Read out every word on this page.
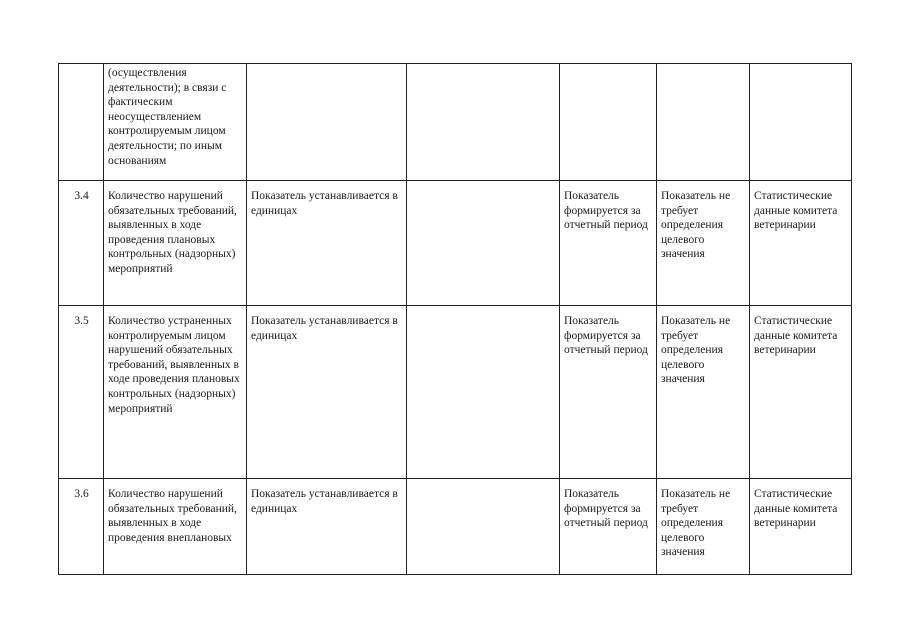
	(осуществления деятельности); в связи с фактическим неосуществлением контролируемым лицом деятельности; по иным основаниям					
3.4	Количество нарушений обязательных требований, выявленных в ходе проведения плановых контрольных (надзорных) мероприятий	Показатель устанавливается в единицах		Показатель формируется за отчетный период	Показатель не требует определения целевого значения	Статистические данные комитета ветеринарии
3.5	Количество устраненных контролируемым лицом нарушений обязательных требований, выявленных в ходе проведения плановых контрольных (надзорных) мероприятий	Показатель устанавливается в единицах		Показатель формируется за отчетный период	Показатель не требует определения целевого значения	Статистические данные комитета ветеринарии
3.6	Количество нарушений обязательных требований, выявленных в ходе проведения внеплановых	Показатель устанавливается в единицах		Показатель формируется за отчетный период	Показатель не требует определения целевого значения	Статистические данные комитета ветеринарии
